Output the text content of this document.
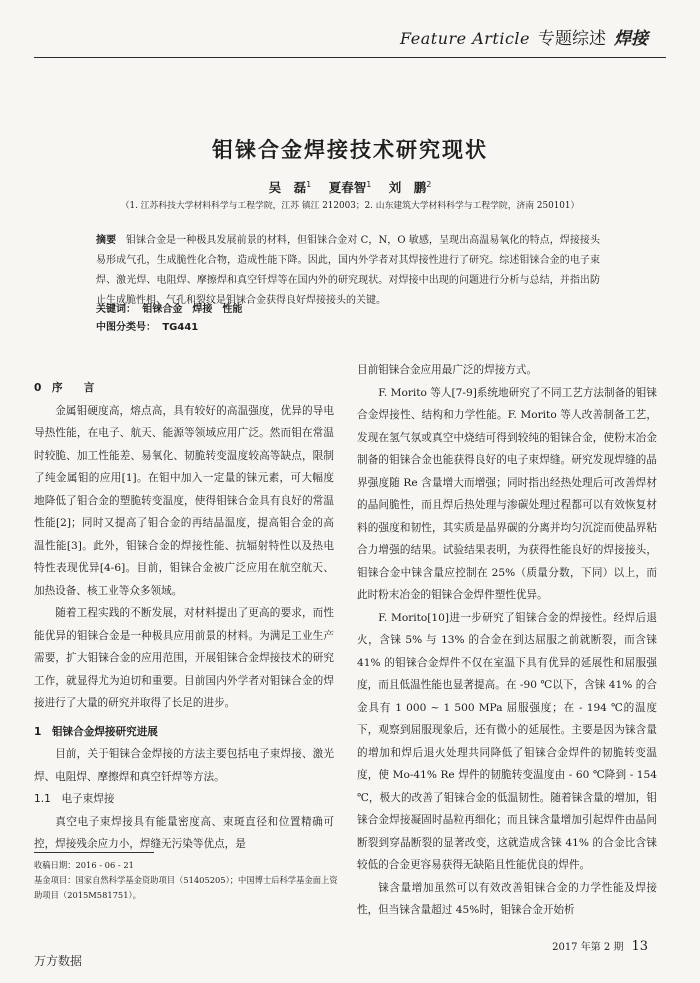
Feature Article 专题综述 焊接
钼铼合金焊接技术研究现状
吴　磊$^1$ 夏春智$^1$ 刘　鹏$^2$
（1. 江苏科技大学材料科学与工程学院，江苏 镇江 212003；2. 山东建筑大学材料科学与工程学院，济南 250101）
摘要 钼铼合金是一种极具发展前景的材料，但钼铼合金对 C，N，O 敏感，呈现出高温易氧化的特点，焊接接头易形成气孔，生成脆性化合物，造成性能下降。因此，国内外学者对其焊接性进行了研究。综述钼铼合金的电子束焊、激光焊、电阻焊、摩擦焊和真空钎焊等在国内外的研究现状。对焊接中出现的问题进行分析与总结，并指出防止生成脆性相、气孔和裂纹是钼铼合金获得良好焊接接头的关键。
关键词： 钼铼合金　焊接　性能
中图分类号： TG441

0　序　　言

金属钼硬度高，熔点高，具有较好的高温强度，优异的导电导热性能，在电子、航天、能源等领域应用广泛。然而钼在常温时较脆、加工性能差、易氧化、韧脆转变温度较高等缺点，限制了纯金属钼的应用[1]。在钼中加入一定量的铼元素，可大幅度地降低了钼合金的塑脆转变温度，使得钼铼合金具有良好的常温性能[2]；同时又提高了钼合金的再结晶温度，提高钼合金的高温性能[3]。此外，钼铼合金的焊接性能、抗辐射特性以及热电特性表现优异[4-6]。目前，钼铼合金被广泛应用在航空航天、加热设备、核工业等众多领域。

随着工程实践的不断发展，对材料提出了更高的要求，而性能优异的钼铼合金是一种极具应用前景的材料。为满足工业生产需要，扩大钼铼合金的应用范围，开展钼铼合金焊接技术的研究工作，就显得尤为迫切和重要。目前国内外学者对钼铼合金的焊接进行了大量的研究并取得了长足的进步。

1　钼铼合金焊接研究进展

目前，关于钼铼合金焊接的方法主要包括电子束焊接、激光焊、电阻焊、摩擦焊和真空钎焊等方法。

1.1　电子束焊接

真空电子束焊接具有能量密度高、束斑直径和位置精确可控，焊接残余应力小，焊缝无污染等优点，是

目前钼铼合金应用最广泛的焊接方式。

F. Morito 等人[7-9]系统地研究了不同工艺方法制备的钼铼合金焊接性、结构和力学性能。F. Morito 等人改善制备工艺，发现在氢气氛或真空中烧结可得到较纯的钼铼合金，使粉末冶金制备的钼铼合金也能获得良好的电子束焊缝。研究发现焊缝的晶界强度随 Re 含量增大而增强；同时指出经热处理后可改善焊材的晶间脆性，而且焊后热处理与渗碳处理过程都可以有效恢复材料的强度和韧性，其实质是晶界碳的分离并均匀沉淀而使晶界粘合力增强的结果。试验结果表明，为获得性能良好的焊接接头，钼铼合金中铼含量应控制在 25%（质量分数，下同）以上，而此时粉末冶金的钼铼合金焊件塑性优异。

F. Morito[10]进一步研究了钼铼合金的焊接性。经焊后退火，含铼 5% 与 13% 的合金在到达屈服之前就断裂，而含铼 41% 的钼铼合金焊件不仅在室温下具有优异的延展性和屈服强度，而且低温性能也显著提高。在 -90 ℃以下，含铼 41% 的合金具有 1 000 ~ 1 500 MPa 屈服强度；在 - 194 ℃的温度下，观察到屈服现象后，还有微小的延展性。主要是因为铼含量的增加和焊后退火处理共同降低了钼铼合金焊件的韧脆转变温度，使 Mo-41% Re 焊件的韧脆转变温度由 - 60 ℃降到 - 154 ℃，极大的改善了钼铼合金的低温韧性。随着铼含量的增加，钼铼合金焊接凝固时晶粒再细化；而且铼含量增加引起焊件由晶间断裂到穿晶断裂的显著改变，这就造成含铼 41% 的合金比含铼较低的合金更容易获得无缺陷且性能优良的焊件。

铼含量增加虽然可以有效改善钼铼合金的力学性能及焊接性，但当铼含量超过 45%时，钼铼合金开始析

收稿日期：2016 - 06 - 21
基金项目：国家自然科学基金资助项目（51405205）；中国博士后科学基金面上资助项目（2015M581751）。
2017 年第 2 期 13
万方数据
